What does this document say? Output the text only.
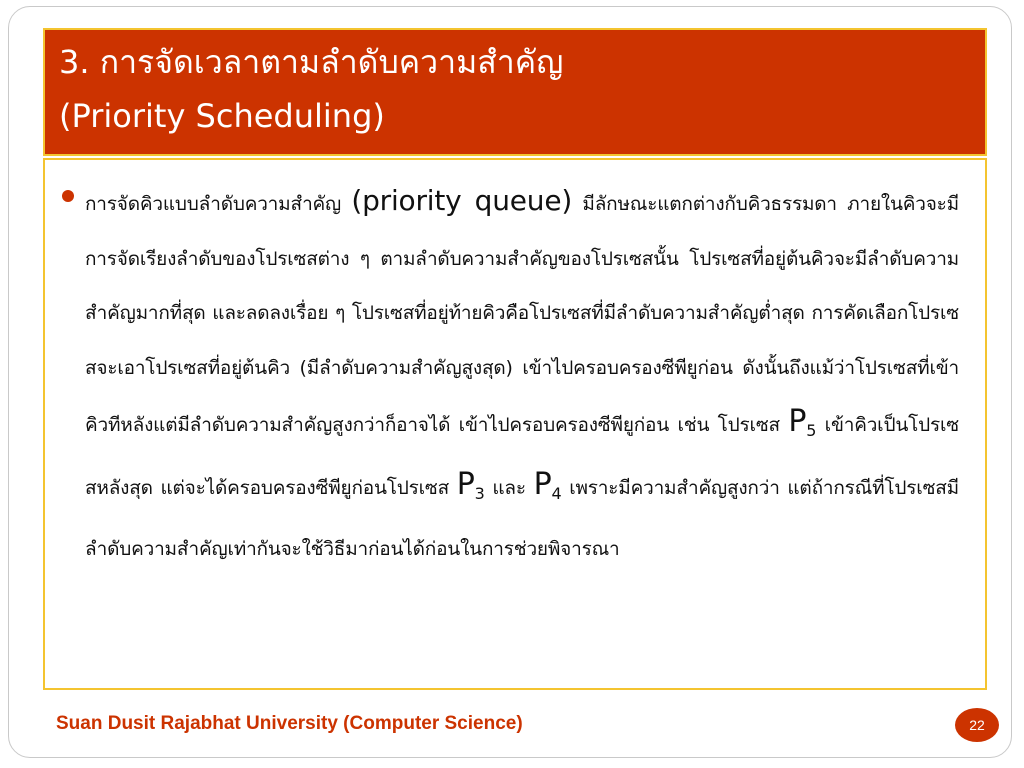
3. การจัดเวลาตามลำดับความสำคัญ
(Priority Scheduling)
การจัดคิวแบบลำดับความสำคัญ (priority queue) มีลักษณะแตกต่างกับคิวธรรมดา ภายในคิวจะมีการจัดเรียงลำดับของโปรเซสต่าง ๆ ตามลำดับความสำคัญของโปรเซสนั้น โปรเซสที่อยู่ต้นคิวจะมีลำดับความสำคัญมากที่สุด และลดลงเรื่อย ๆ โปรเซสที่อยู่ท้ายคิวคือโปรเซสที่มีลำดับความสำคัญต่ำสุด การคัดเลือกโปรเซสจะเอาโปรเซสที่อยู่ต้นคิว (มีลำดับความสำคัญสูงสุด) เข้าไปครอบครองซีพียูก่อน ดังนั้นถึงแม้ว่าโปรเซสที่เข้าคิวทีหลังแต่มีลำดับความสำคัญสูงกว่าก็อาจได้ เข้าไปครอบครองซีพียูก่อน เช่น โปรเซส $P_5$ เข้าคิวเป็นโปรเซสหลังสุด แต่จะได้ครอบครองซีพียูก่อนโปรเซส $P_3$ และ $P_4$ เพราะมีความสำคัญสูงกว่า แต่ถ้ากรณีที่โปรเซสมีลำดับความสำคัญเท่ากันจะใช้วิธีมาก่อนได้ก่อนในการช่วยพิจารณา
Suan Dusit Rajabhat University (Computer Science)	22
